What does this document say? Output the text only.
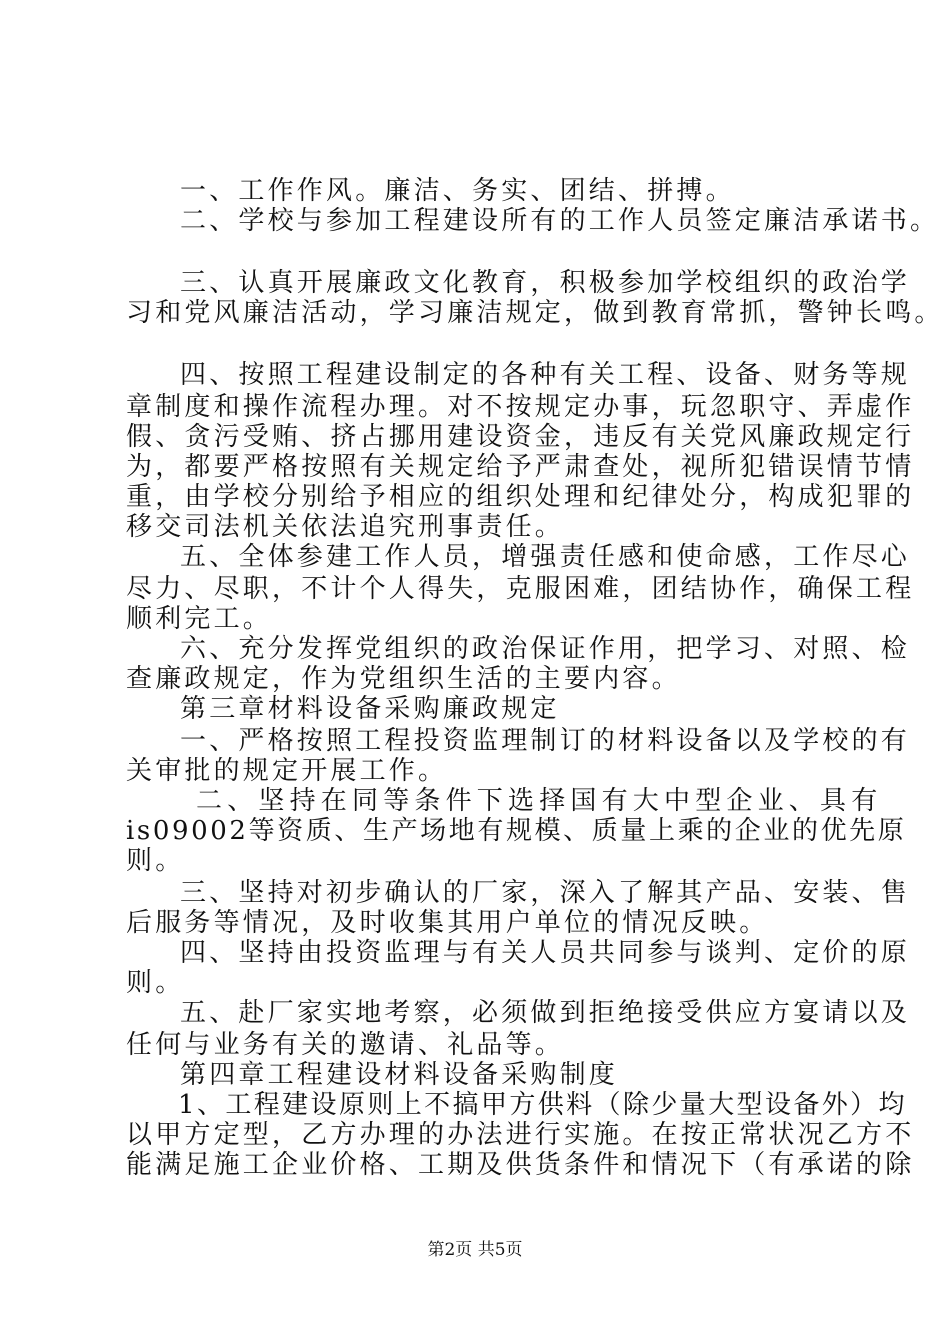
一、工作作风。廉洁、务实、团结、拼搏。
二、学校与参加工程建设所有的工作人员签定廉洁承诺书。
三、认真开展廉政文化教育，积极参加学校组织的政治学
习和党风廉洁活动，学习廉洁规定，做到教育常抓，警钟长鸣。
四、按照工程建设制定的各种有关工程、设备、财务等规
章制度和操作流程办理。对不按规定办事，玩忽职守、弄虚作
假、贪污受贿、挤占挪用建设资金，违反有关党风廉政规定行
为，都要严格按照有关规定给予严肃查处，视所犯错误情节情
重，由学校分别给予相应的组织处理和纪律处分，构成犯罪的
移交司法机关依法追究刑事责任。
五、全体参建工作人员，增强责任感和使命感，工作尽心
尽力、尽职，不计个人得失，克服困难，团结协作，确保工程
顺利完工。
六、充分发挥党组织的政治保证作用，把学习、对照、检
查廉政规定，作为党组织生活的主要内容。
第三章材料设备采购廉政规定
一、严格按照工程投资监理制订的材料设备以及学校的有
关审批的规定开展工作。
二、坚持在同等条件下选择国有大中型企业、具有
is09002等资质、生产场地有规模、质量上乘的企业的优先原
则。
三、坚持对初步确认的厂家，深入了解其产品、安装、售
后服务等情况，及时收集其用户单位的情况反映。
四、坚持由投资监理与有关人员共同参与谈判、定价的原
则。
五、赴厂家实地考察，必须做到拒绝接受供应方宴请以及
任何与业务有关的邀请、礼品等。
第四章工程建设材料设备采购制度
1、工程建设原则上不搞甲方供料（除少量大型设备外）均
以甲方定型，乙方办理的办法进行实施。在按正常状况乙方不
能满足施工企业价格、工期及供货条件和情况下（有承诺的除
第2页 共5页
